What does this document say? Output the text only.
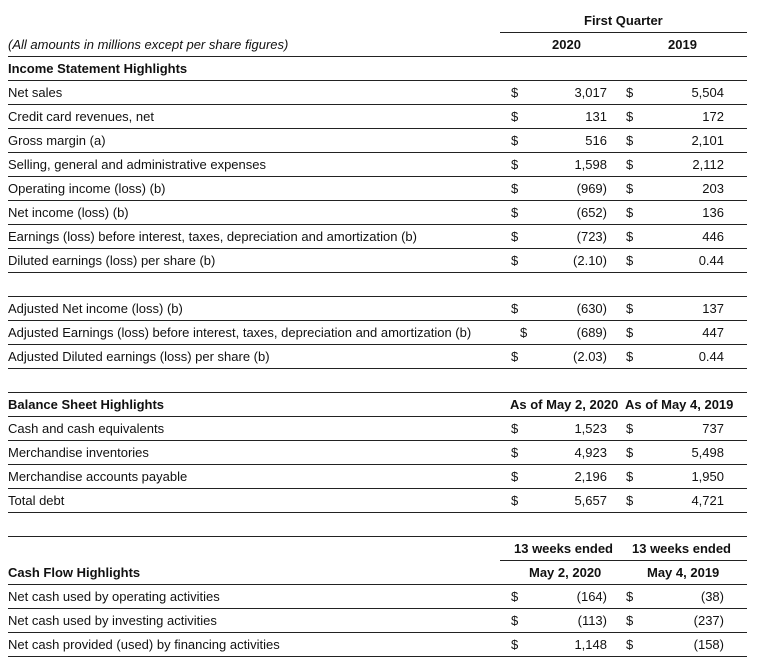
First Quarter
(All amounts in millions except per share figures)	2020	2019
Income Statement Highlights
Net sales	$	3,017 $	5,504
Credit card revenues, net	$	131 $	172
Gross margin (a)	$	516 $	2,101
Selling, general and administrative expenses	$	1,598 $	2,112
Operating income (loss) (b)	$	(969) $	203
Net income (loss) (b)	$	(652) $	136
Earnings (loss) before interest, taxes, depreciation and amortization (b)	$	(723) $	446
Diluted earnings (loss) per share (b)	$	(2.10) $	0.44
Adjusted Net income (loss) (b)	$	(630) $	137
Adjusted Earnings (loss) before interest, taxes, depreciation and amortization (b)	$	(689) $	447
Adjusted Diluted earnings (loss) per share (b)	$	(2.03) $	0.44
Balance Sheet Highlights	As of May 2, 2020 As of May 4, 2019
Cash and cash equivalents	$	1,523 $	737
Merchandise inventories	$	4,923 $	5,498
Merchandise accounts payable	$	2,196 $	1,950
Total debt	$	5,657 $	4,721
13 weeks ended 13 weeks ended
Cash Flow Highlights	May 2, 2020	May 4, 2019
Net cash used by operating activities	$	(164) $	(38)
Net cash used by investing activities	$	(113) $	(237)
Net cash provided (used) by financing activities	$	1,148 $	(158)
